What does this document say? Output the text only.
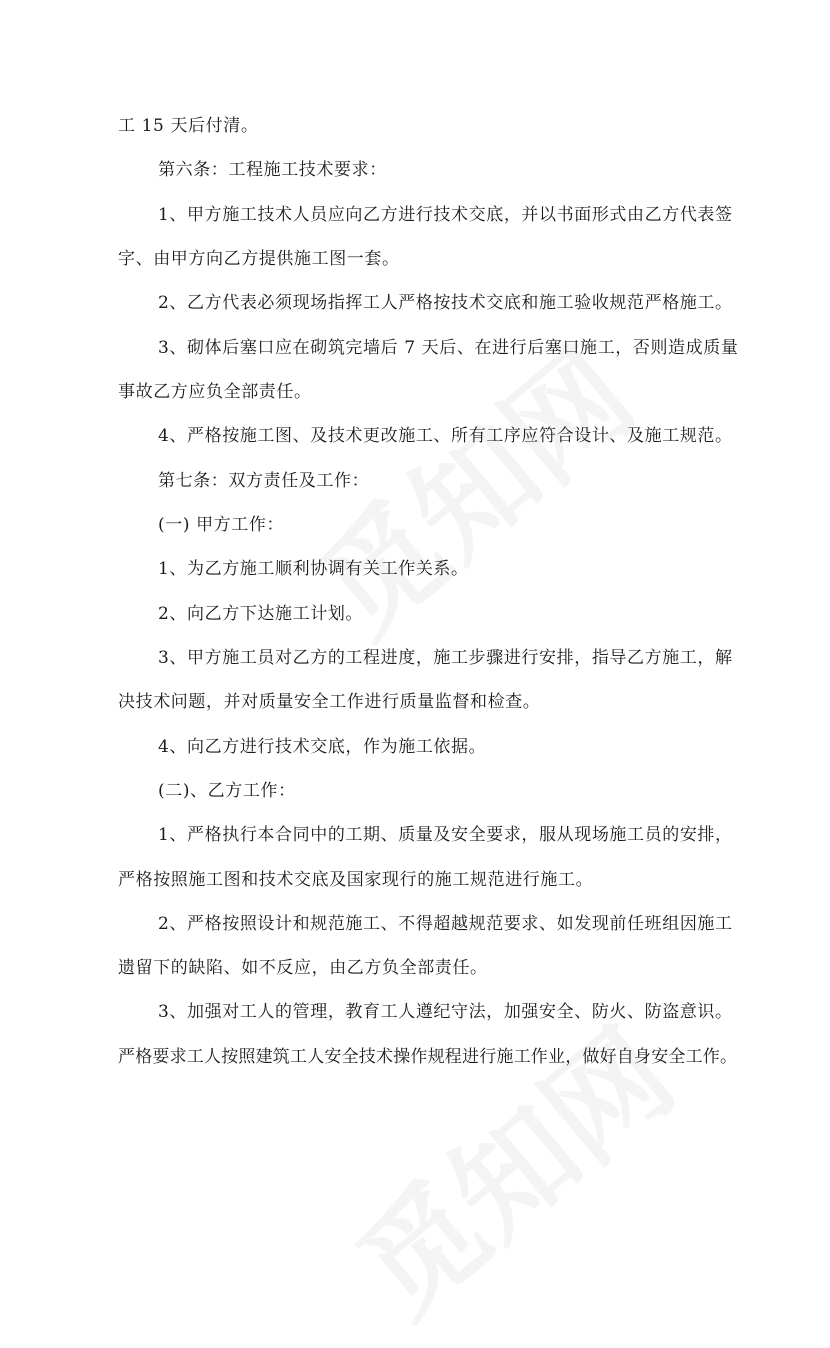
工 15 天后付清。
第六条：工程施工技术要求：
1、甲方施工技术人员应向乙方进行技术交底，并以书面形式由乙方代表签
字、由甲方向乙方提供施工图一套。
2、乙方代表必须现场指挥工人严格按技术交底和施工验收规范严格施工。
3、砌体后塞口应在砌筑完墙后 7 天后、在进行后塞口施工，否则造成质量
事故乙方应负全部责任。
4、严格按施工图、及技术更改施工、所有工序应符合设计、及施工规范。
第七条：双方责任及工作：
(一) 甲方工作：
1、为乙方施工顺利协调有关工作关系。
2、向乙方下达施工计划。
3、甲方施工员对乙方的工程进度，施工步骤进行安排，指导乙方施工，解
决技术问题，并对质量安全工作进行质量监督和检查。
4、向乙方进行技术交底，作为施工依据。
(二)、乙方工作：
1、严格执行本合同中的工期、质量及安全要求，服从现场施工员的安排，
严格按照施工图和技术交底及国家现行的施工规范进行施工。
2、严格按照设计和规范施工、不得超越规范要求、如发现前任班组因施工
遗留下的缺陷、如不反应，由乙方负全部责任。
3、加强对工人的管理，教育工人遵纪守法，加强安全、防火、防盗意识。
严格要求工人按照建筑工人安全技术操作规程进行施工作业，做好自身安全工作。
